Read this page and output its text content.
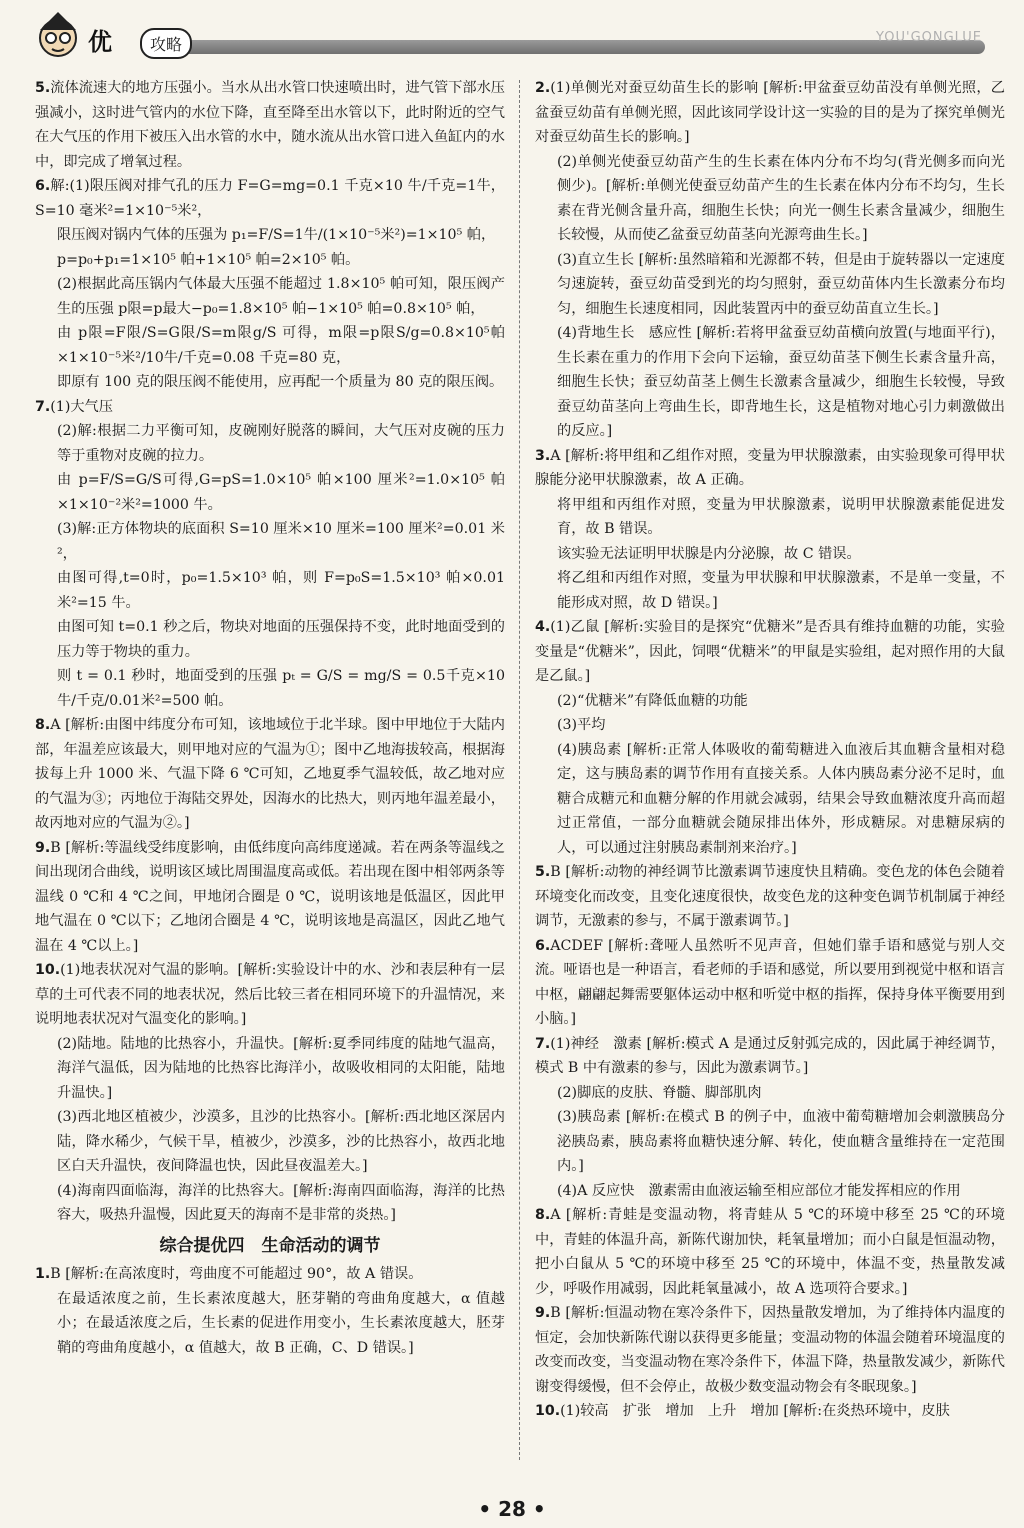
优	攻略	YOU'GONGLUE

5.流体流速大的地方压强小。当水从出水管口快速喷出时，进气管下部水压强减小，这时进气管内的水位下降，直至降至出水管以下，此时附近的空气在大气压的作用下被压入出水管的水中，随水流从出水管口进入鱼缸内的水中，即完成了增氧过程。

6.解:(1)限压阀对排气孔的压力 F=G=mg=0.1 千克×10 牛/千克=1牛，S=10 毫米²=1×10⁻⁵米²，

限压阀对锅内气体的压强为 p₁=F/S=1牛/(1×10⁻⁵米²)=1×10⁵ 帕，

p=p₀+p₁=1×10⁵ 帕+1×10⁵ 帕=2×10⁵ 帕。

(2)根据此高压锅内气体最大压强不能超过 1.8×10⁵ 帕可知，限压阀产生的压强 p限=p最大−p₀=1.8×10⁵ 帕−1×10⁵ 帕=0.8×10⁵ 帕，

由 p限=F限/S=G限/S=m限g/S 可得，m限=p限S/g=0.8×10⁵帕×1×10⁻⁵米²/10牛/千克=0.08 千克=80 克，

即原有 100 克的限压阀不能使用，应再配一个质量为 80 克的限压阀。

7.(1)大气压

(2)解:根据二力平衡可知，皮碗刚好脱落的瞬间，大气压对皮碗的压力等于重物对皮碗的拉力。

由 p=F/S=G/S可得,G=pS=1.0×10⁵ 帕×100 厘米²=1.0×10⁵ 帕×1×10⁻²米²=1000 牛。

(3)解:正方体物块的底面积 S=10 厘米×10 厘米=100 厘米²=0.01 米²，

由图可得,t=0时，p₀=1.5×10³ 帕，则 F=p₀S=1.5×10³ 帕×0.01 米²=15 牛。

由图可知 t=0.1 秒之后，物块对地面的压强保持不变，此时地面受到的压力等于物块的重力。

则 t = 0.1 秒时，地面受到的压强 pₜ = G/S = mg/S = 0.5千克×10牛/千克/0.01米²=500 帕。

8.A [解析:由图中纬度分布可知，该地域位于北半球。图中甲地位于大陆内部，年温差应该最大，则甲地对应的气温为①；图中乙地海拔较高，根据海拔每上升 1000 米、气温下降 6 ℃可知，乙地夏季气温较低，故乙地对应的气温为③；丙地位于海陆交界处，因海水的比热大，则丙地年温差最小，故丙地对应的气温为②。]

9.B [解析:等温线受纬度影响，由低纬度向高纬度递减。若在两条等温线之间出现闭合曲线，说明该区域比周围温度高或低。若出现在图中相邻两条等温线 0 ℃和 4 ℃之间，甲地闭合圈是 0 ℃，说明该地是低温区，因此甲地气温在 0 ℃以下；乙地闭合圈是 4 ℃，说明该地是高温区，因此乙地气温在 4 ℃以上。]

10.(1)地表状况对气温的影响。[解析:实验设计中的水、沙和表层种有一层草的土可代表不同的地表状况，然后比较三者在相同环境下的升温情况，来说明地表状况对气温变化的影响。]

(2)陆地。陆地的比热容小，升温快。[解析:夏季同纬度的陆地气温高，海洋气温低，因为陆地的比热容比海洋小，故吸收相同的太阳能，陆地升温快。]

(3)西北地区植被少，沙漠多，且沙的比热容小。[解析:西北地区深居内陆，降水稀少，气候干旱，植被少，沙漠多，沙的比热容小，故西北地区白天升温快，夜间降温也快，因此昼夜温差大。]

(4)海南四面临海，海洋的比热容大。[解析:海南四面临海，海洋的比热容大，吸热升温慢，因此夏天的海南不是非常的炎热。]

综合提优四　生命活动的调节

1.B [解析:在高浓度时，弯曲度不可能超过 90°，故 A 错误。

在最适浓度之前，生长素浓度越大，胚芽鞘的弯曲角度越大，α 值越小；在最适浓度之后，生长素的促进作用变小，生长素浓度越大，胚芽鞘的弯曲角度越小，α 值越大，故 B 正确，C、D 错误。]

2.(1)单侧光对蚕豆幼苗生长的影响 [解析:甲盆蚕豆幼苗没有单侧光照，乙盆蚕豆幼苗有单侧光照，因此该同学设计这一实验的目的是为了探究单侧光对蚕豆幼苗生长的影响。]

(2)单侧光使蚕豆幼苗产生的生长素在体内分布不均匀(背光侧多而向光侧少)。[解析:单侧光使蚕豆幼苗产生的生长素在体内分布不均匀，生长素在背光侧含量升高，细胞生长快；向光一侧生长素含量减少，细胞生长较慢，从而使乙盆蚕豆幼苗茎向光源弯曲生长。]

(3)直立生长 [解析:虽然暗箱和光源都不转，但是由于旋转器以一定速度匀速旋转，蚕豆幼苗受到光的均匀照射，蚕豆幼苗体内生长激素分布均匀，细胞生长速度相同，因此装置丙中的蚕豆幼苗直立生长。]

(4)背地生长　感应性 [解析:若将甲盆蚕豆幼苗横向放置(与地面平行)，生长素在重力的作用下会向下运输，蚕豆幼苗茎下侧生长素含量升高，细胞生长快；蚕豆幼苗茎上侧生长激素含量减少，细胞生长较慢，导致蚕豆幼苗茎向上弯曲生长，即背地生长，这是植物对地心引力刺激做出的反应。]

3.A [解析:将甲组和乙组作对照，变量为甲状腺激素，由实验现象可得甲状腺能分泌甲状腺激素，故 A 正确。

将甲组和丙组作对照，变量为甲状腺激素，说明甲状腺激素能促进发育，故 B 错误。

该实验无法证明甲状腺是内分泌腺，故 C 错误。

将乙组和丙组作对照，变量为甲状腺和甲状腺激素，不是单一变量，不能形成对照，故 D 错误。]

4.(1)乙鼠 [解析:实验目的是探究“优糖米”是否具有维持血糖的功能，实验变量是“优糖米”，因此，饲喂“优糖米”的甲鼠是实验组，起对照作用的大鼠是乙鼠。]

(2)“优糖米”有降低血糖的功能

(3)平均

(4)胰岛素 [解析:正常人体吸收的葡萄糖进入血液后其血糖含量相对稳定，这与胰岛素的调节作用有直接关系。人体内胰岛素分泌不足时，血糖合成糖元和血糖分解的作用就会减弱，结果会导致血糖浓度升高而超过正常值，一部分血糖就会随尿排出体外，形成糖尿。对患糖尿病的人，可以通过注射胰岛素制剂来治疗。]

5.B [解析:动物的神经调节比激素调节速度快且精确。变色龙的体色会随着环境变化而改变，且变化速度很快，故变色龙的这种变色调节机制属于神经调节，无激素的参与，不属于激素调节。]

6.ACDEF [解析:聋哑人虽然听不见声音，但她们靠手语和感觉与别人交流。哑语也是一种语言，看老师的手语和感觉，所以要用到视觉中枢和语言中枢，翩翩起舞需要躯体运动中枢和听觉中枢的指挥，保持身体平衡要用到小脑。]

7.(1)神经　激素 [解析:模式 A 是通过反射弧完成的，因此属于神经调节，模式 B 中有激素的参与，因此为激素调节。]

(2)脚底的皮肤、脊髓、脚部肌肉

(3)胰岛素 [解析:在模式 B 的例子中，血液中葡萄糖增加会刺激胰岛分泌胰岛素，胰岛素将血糖快速分解、转化，使血糖含量维持在一定范围内。]

(4)A 反应快　激素需由血液运输至相应部位才能发挥相应的作用

8.A [解析:青蛙是变温动物，将青蛙从 5 ℃的环境中移至 25 ℃的环境中，青蛙的体温升高，新陈代谢加快，耗氧量增加；而小白鼠是恒温动物，把小白鼠从 5 ℃的环境中移至 25 ℃的环境中，体温不变，热量散发减少，呼吸作用减弱，因此耗氧量减小，故 A 选项符合要求。]

9.B [解析:恒温动物在寒冷条件下，因热量散发增加，为了维持体内温度的恒定，会加快新陈代谢以获得更多能量；变温动物的体温会随着环境温度的改变而改变，当变温动物在寒冷条件下，体温下降，热量散发减少，新陈代谢变得缓慢，但不会停止，故极少数变温动物会有冬眠现象。]

10.(1)较高　扩张　增加　上升　增加 [解析:在炎热环境中，皮肤

• 28 •
